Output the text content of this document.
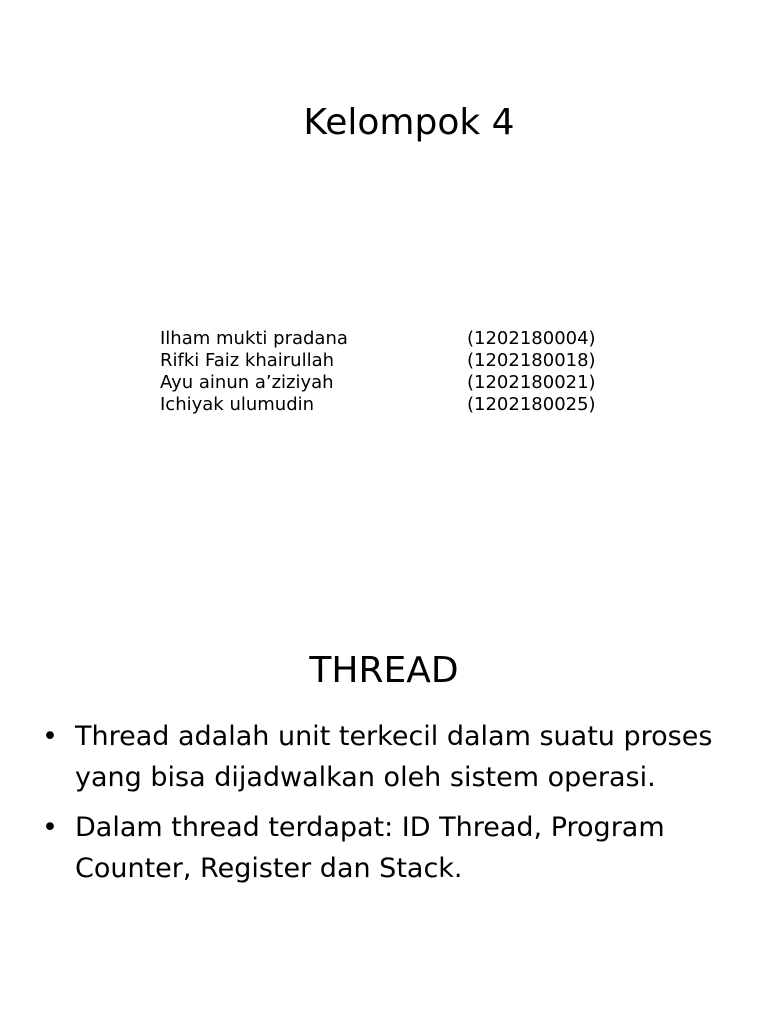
Kelompok 4
Ilham mukti pradana	(1202180004)
Rifki Faiz khairullah	(1202180018)
Ayu ainun a’ziziyah	(1202180021)
Ichiyak ulumudin	(1202180025)
THREAD
• Thread adalah unit terkecil dalam suatu proses yang bisa dijadwalkan oleh sistem operasi.
• Dalam thread terdapat: ID Thread, Program Counter, Register dan Stack.
